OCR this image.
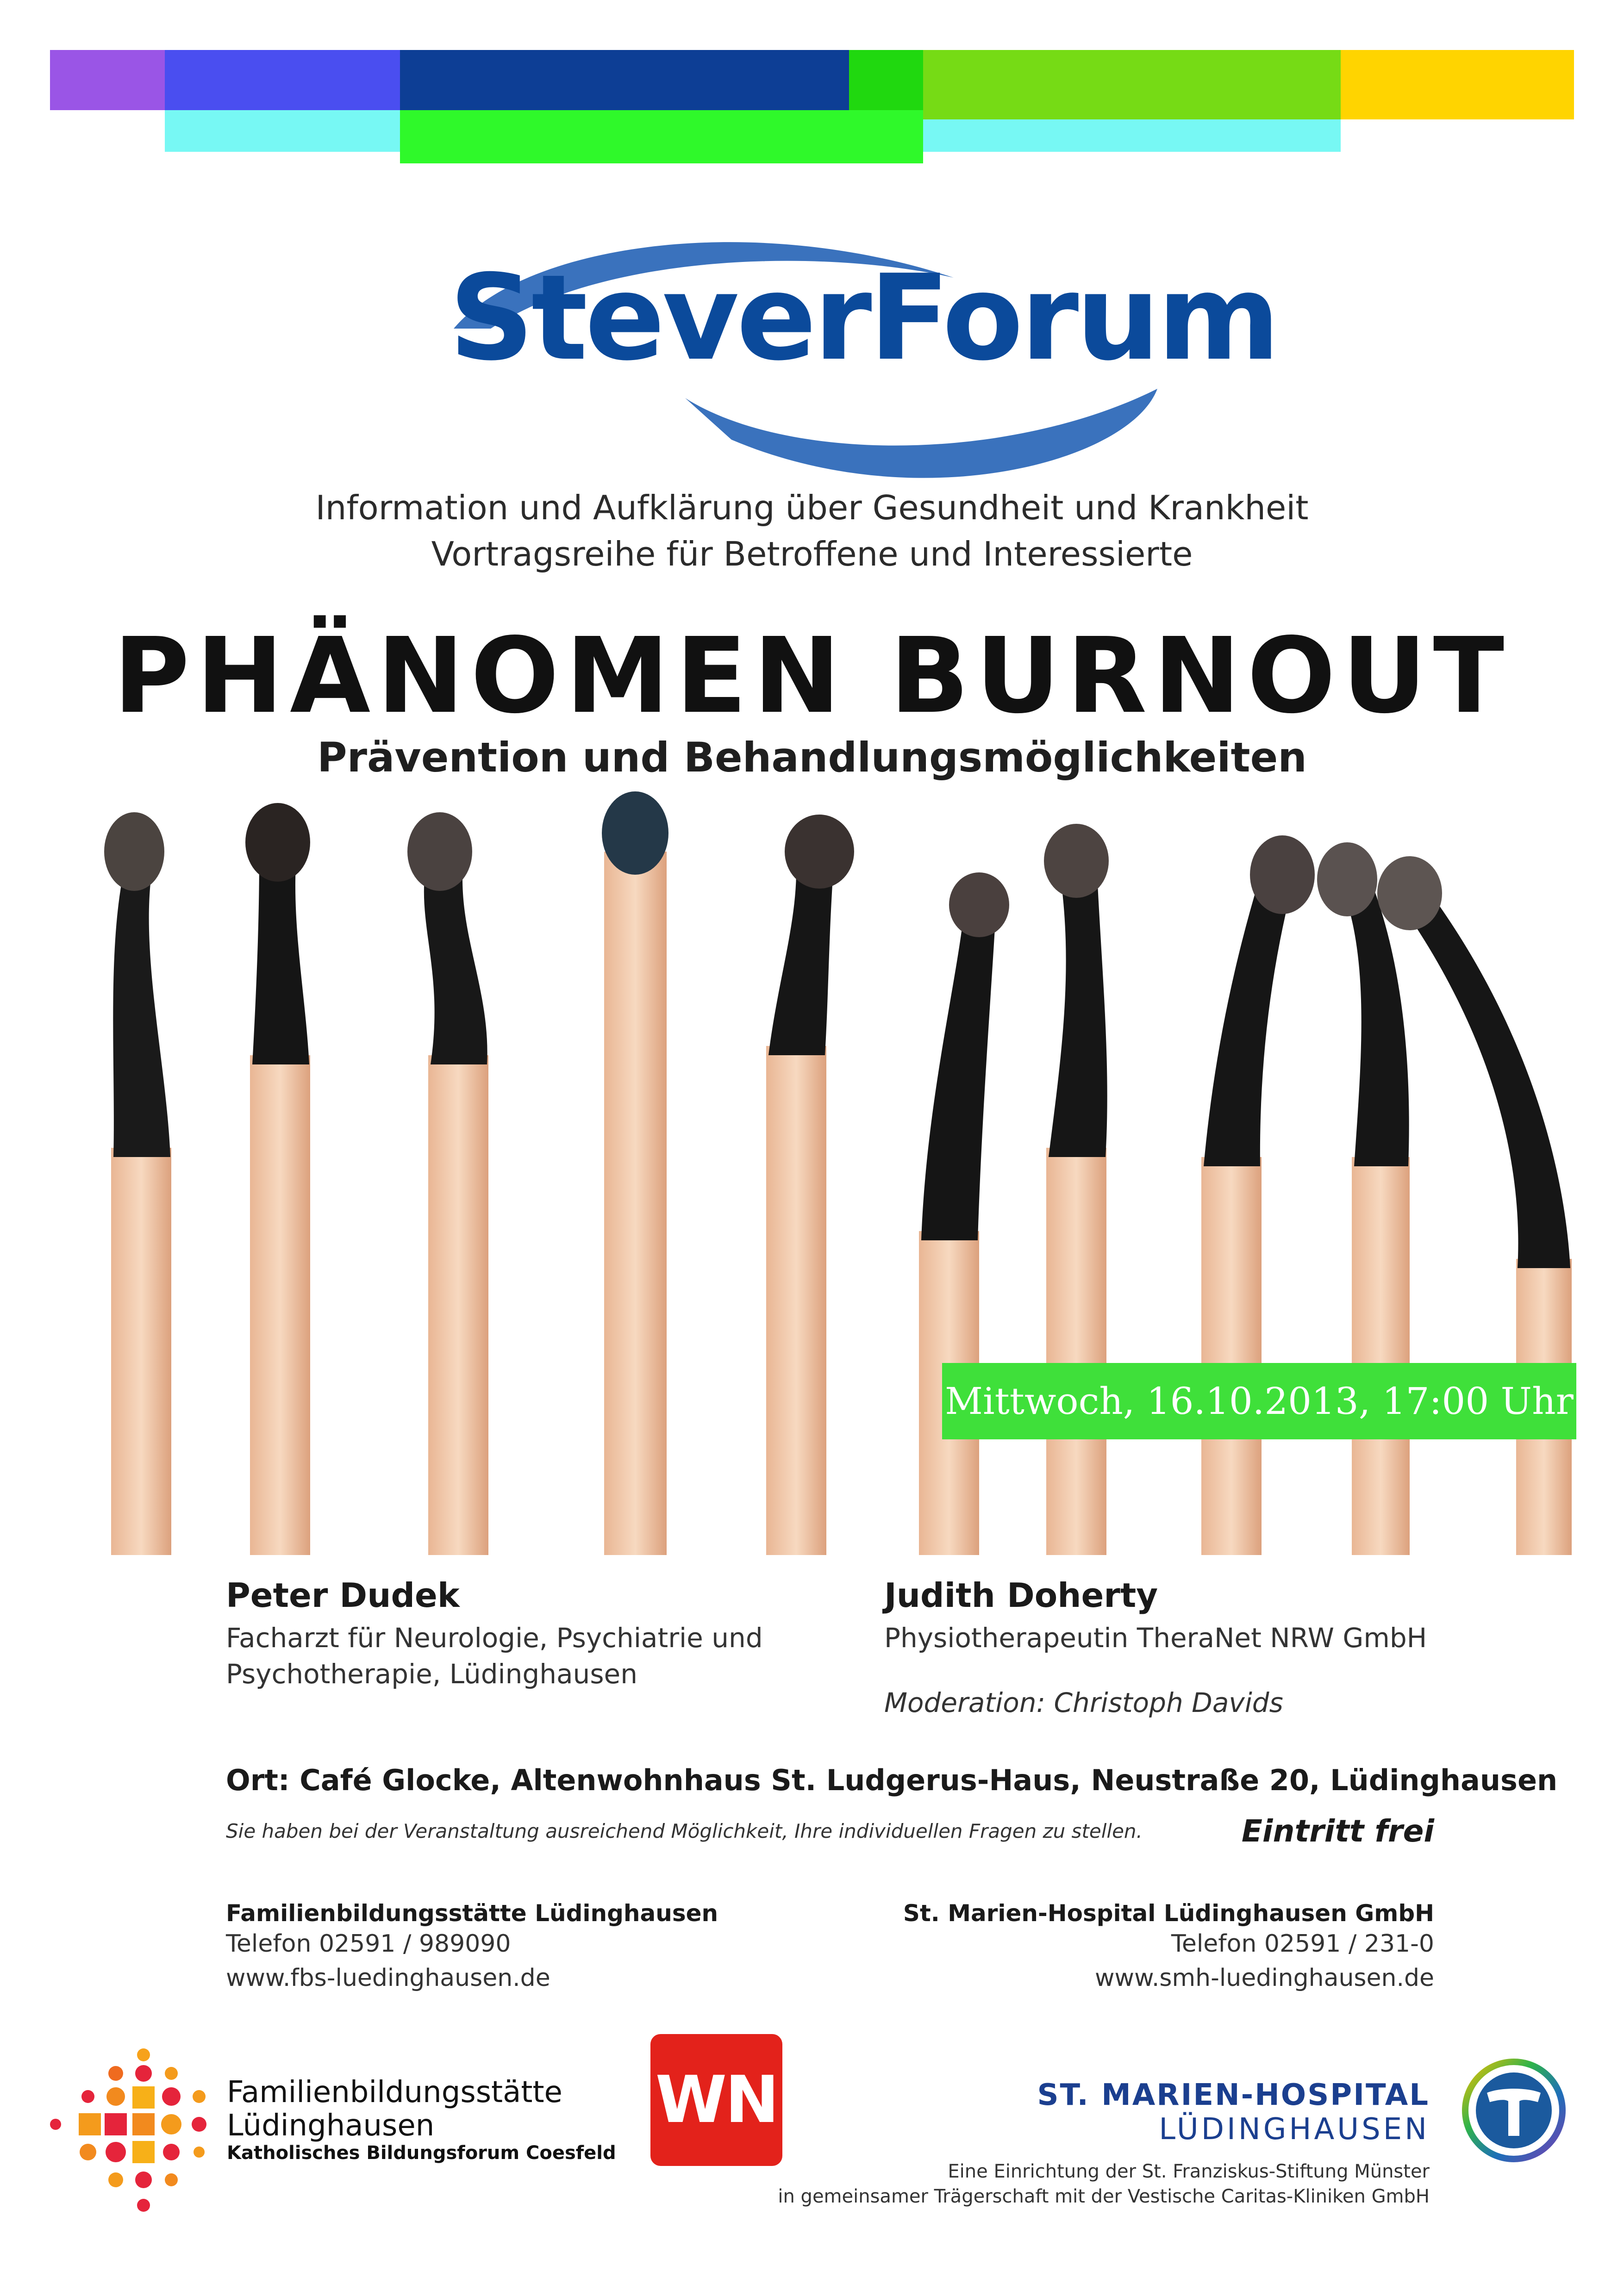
SteverForum
Information und Aufklärung über Gesundheit und Krankheit
Vortragsreihe für Betroffene und Interessierte
PHÄNOMEN BURNOUT
Prävention und Behandlungsmöglichkeiten
Mittwoch, 16.10.2013, 17:00 Uhr
Peter Dudek
Facharzt für Neurologie, Psychiatrie und
Psychotherapie, Lüdinghausen
Judith Doherty
Physiotherapeutin TheraNet NRW GmbH
Moderation: Christoph Davids
Ort: Café Glocke, Altenwohnhaus St. Ludgerus-Haus, Neustraße 20, Lüdinghausen
Sie haben bei der Veranstaltung ausreichend Möglichkeit, Ihre individuellen Fragen zu stellen.	Eintritt frei
Familienbildungsstätte Lüdinghausen
Telefon 02591 / 989090
www.fbs-luedinghausen.de
St. Marien-Hospital Lüdinghausen GmbH
Telefon 02591 / 231-0
www.smh-luedinghausen.de
Familienbildungsstätte
Lüdinghausen
Katholisches Bildungsforum Coesfeld
WN	ST. MARIEN-HOSPITAL
LÜDINGHAUSEN
Eine Einrichtung der St. Franziskus-Stiftung Münster
in gemeinsamer Trägerschaft mit der Vestische Caritas-Kliniken GmbH
